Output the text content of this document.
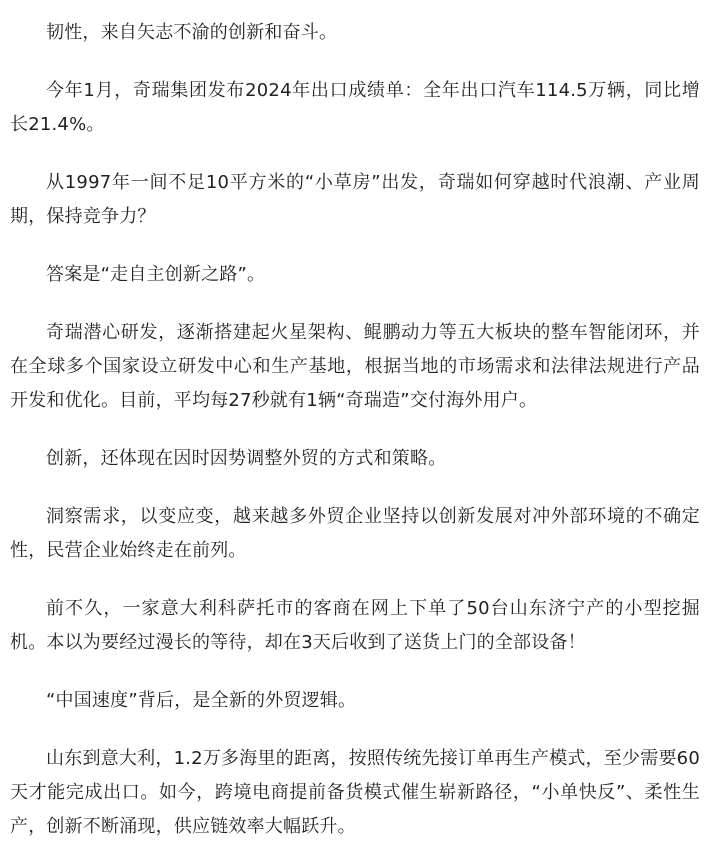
韧性，来自矢志不渝的创新和奋斗。

今年1月，奇瑞集团发布2024年出口成绩单：全年出口汽车114.5万辆，同比增长21.4%。

从1997年一间不足10平方米的“小草房”出发，奇瑞如何穿越时代浪潮、产业周期，保持竞争力？

答案是“走自主创新之路”。

奇瑞潜心研发，逐渐搭建起火星架构、鲲鹏动力等五大板块的整车智能闭环，并在全球多个国家设立研发中心和生产基地，根据当地的市场需求和法律法规进行产品开发和优化。目前，平均每27秒就有1辆“奇瑞造”交付海外用户。

创新，还体现在因时因势调整外贸的方式和策略。

洞察需求，以变应变，越来越多外贸企业坚持以创新发展对冲外部环境的不确定性，民营企业始终走在前列。

前不久，一家意大利科萨托市的客商在网上下单了50台山东济宁产的小型挖掘机。本以为要经过漫长的等待，却在3天后收到了送货上门的全部设备！

“中国速度”背后，是全新的外贸逻辑。

山东到意大利，1.2万多海里的距离，按照传统先接订单再生产模式，至少需要60天才能完成出口。如今，跨境电商提前备货模式催生崭新路径，“小单快反”、柔性生产，创新不断涌现，供应链效率大幅跃升。
